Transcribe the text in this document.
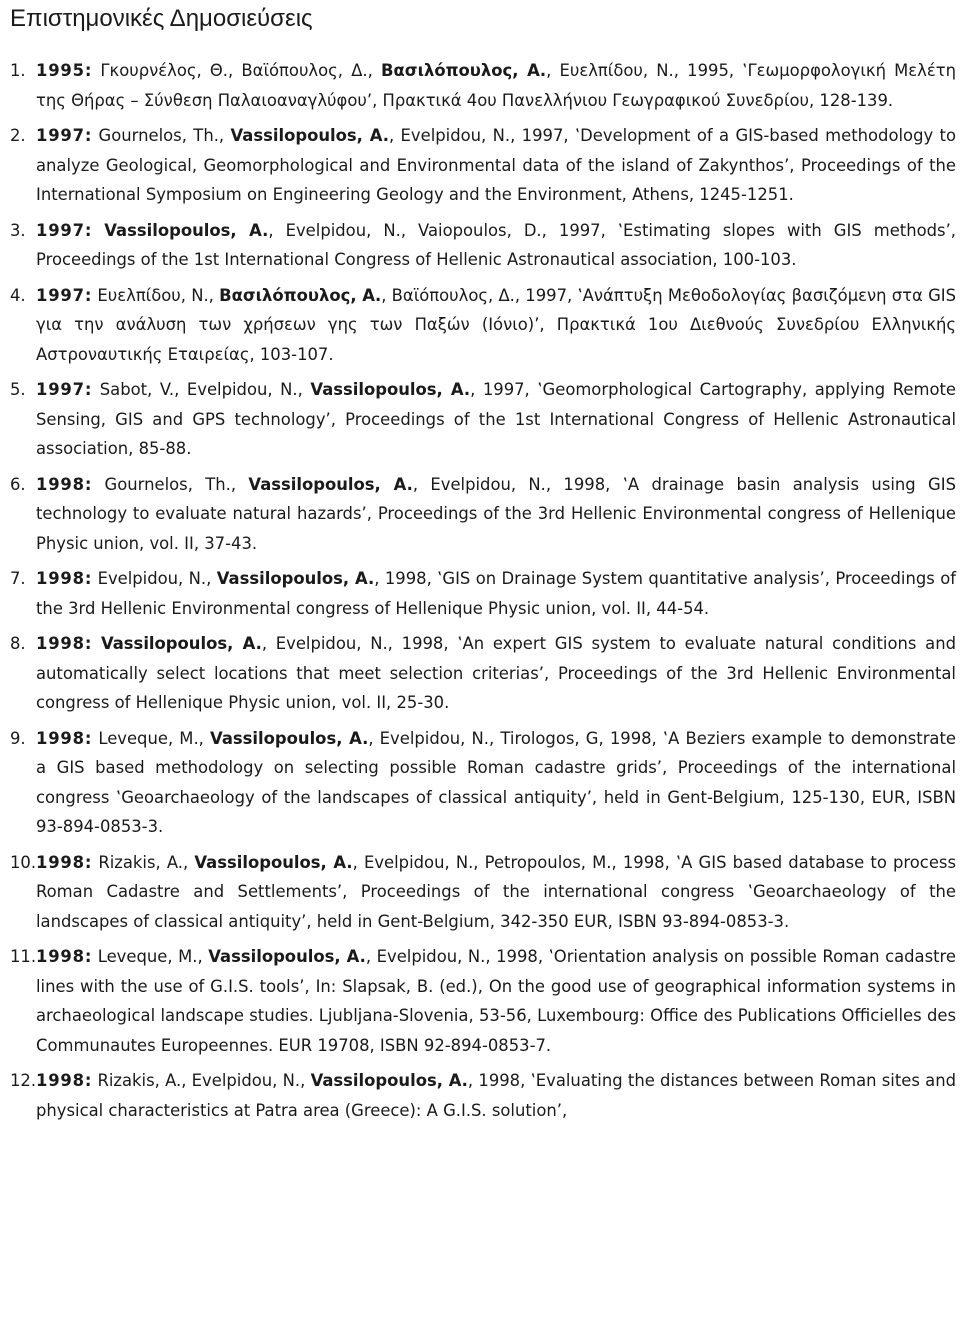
Επιστημονικές Δημοσιεύσεις
1. 1995: Γκουρνέλος, Θ., Βαϊόπουλος, Δ., Βασιλόπουλος, Α., Ευελπίδου, Ν., 1995, ‛Γεωμορφολογική Μελέτη της Θήρας – Σύνθεση Παλαιοαναγλύφου’, Πρακτικά 4ου Πανελλήνιου Γεωγραφικού Συνεδρίου, 128-139.
2. 1997: Gournelos, Th., Vassilopoulos, A., Evelpidou, N., 1997, ‛Development of a GIS-based methodology to analyze Geological, Geomorphological and Environmental data of the island of Zakynthos’, Proceedings of the International Symposium on Engineering Geology and the Environment, Athens, 1245-1251.
3. 1997: Vassilopoulos, A., Evelpidou, N., Vaiopoulos, D., 1997, ‛Estimating slopes with GIS methods’, Proceedings of the 1st International Congress of Hellenic Astronautical association, 100-103.
4. 1997: Ευελπίδου, Ν., Βασιλόπουλος, Α., Βαϊόπουλος, Δ., 1997, ‛Ανάπτυξη Μεθοδολογίας βασιζόμενη στα GIS για την ανάλυση των χρήσεων γης των Παξών (Ιόνιο)’, Πρακτικά 1ου Διεθνούς Συνεδρίου Ελληνικής Αστροναυτικής Εταιρείας, 103-107.
5. 1997: Sabot, V., Evelpidou, N., Vassilopoulos, A., 1997, ‛Geomorphological Cartography, applying Remote Sensing, GIS and GPS technology’, Proceedings of the 1st International Congress of Hellenic Astronautical association, 85-88.
6. 1998: Gournelos, Th., Vassilopoulos, A., Evelpidou, N., 1998, ‛A drainage basin analysis using GIS technology to evaluate natural hazards’, Proceedings of the 3rd Hellenic Environmental congress of Hellenique Physic union, vol. II, 37-43.
7. 1998: Evelpidou, N., Vassilopoulos, A., 1998, ‛GIS on Drainage System quantitative analysis’, Proceedings of the 3rd Hellenic Environmental congress of Hellenique Physic union, vol. II, 44-54.
8. 1998: Vassilopoulos, A., Evelpidou, N., 1998, ‛An expert GIS system to evaluate natural conditions and automatically select locations that meet selection criterias’, Proceedings of the 3rd Hellenic Environmental congress of Hellenique Physic union, vol. II, 25-30.
9. 1998: Leveque, M., Vassilopoulos, A., Evelpidou, N., Tirologos, G, 1998, ‛A Beziers example to demonstrate a GIS based methodology on selecting possible Roman cadastre grids’, Proceedings of the international congress ‛Geoarchaeology of the landscapes of classical antiquity’, held in Gent-Belgium, 125-130, EUR, ISBN 93-894-0853-3.
10. 1998: Rizakis, A., Vassilopoulos, A., Evelpidou, N., Petropoulos, M., 1998, ‛A GIS based database to process Roman Cadastre and Settlements’, Proceedings of the international congress ‛Geoarchaeology of the landscapes of classical antiquity’, held in Gent-Belgium, 342-350 EUR, ISBN 93-894-0853-3.
11. 1998: Leveque, M., Vassilopoulos, A., Evelpidou, N., 1998, ‛Orientation analysis on possible Roman cadastre lines with the use of G.I.S. tools’, In: Slapsak, B. (ed.), On the good use of geographical information systems in archaeological landscape studies. Ljubljana-Slovenia, 53-56, Luxembourg: Office des Publications Officielles des Communautes Europeennes. EUR 19708, ISBN 92-894-0853-7.
12. 1998: Rizakis, A., Evelpidou, N., Vassilopoulos, A., 1998, ‛Evaluating the distances between Roman sites and physical characteristics at Patra area (Greece): A G.I.S. solution’,
